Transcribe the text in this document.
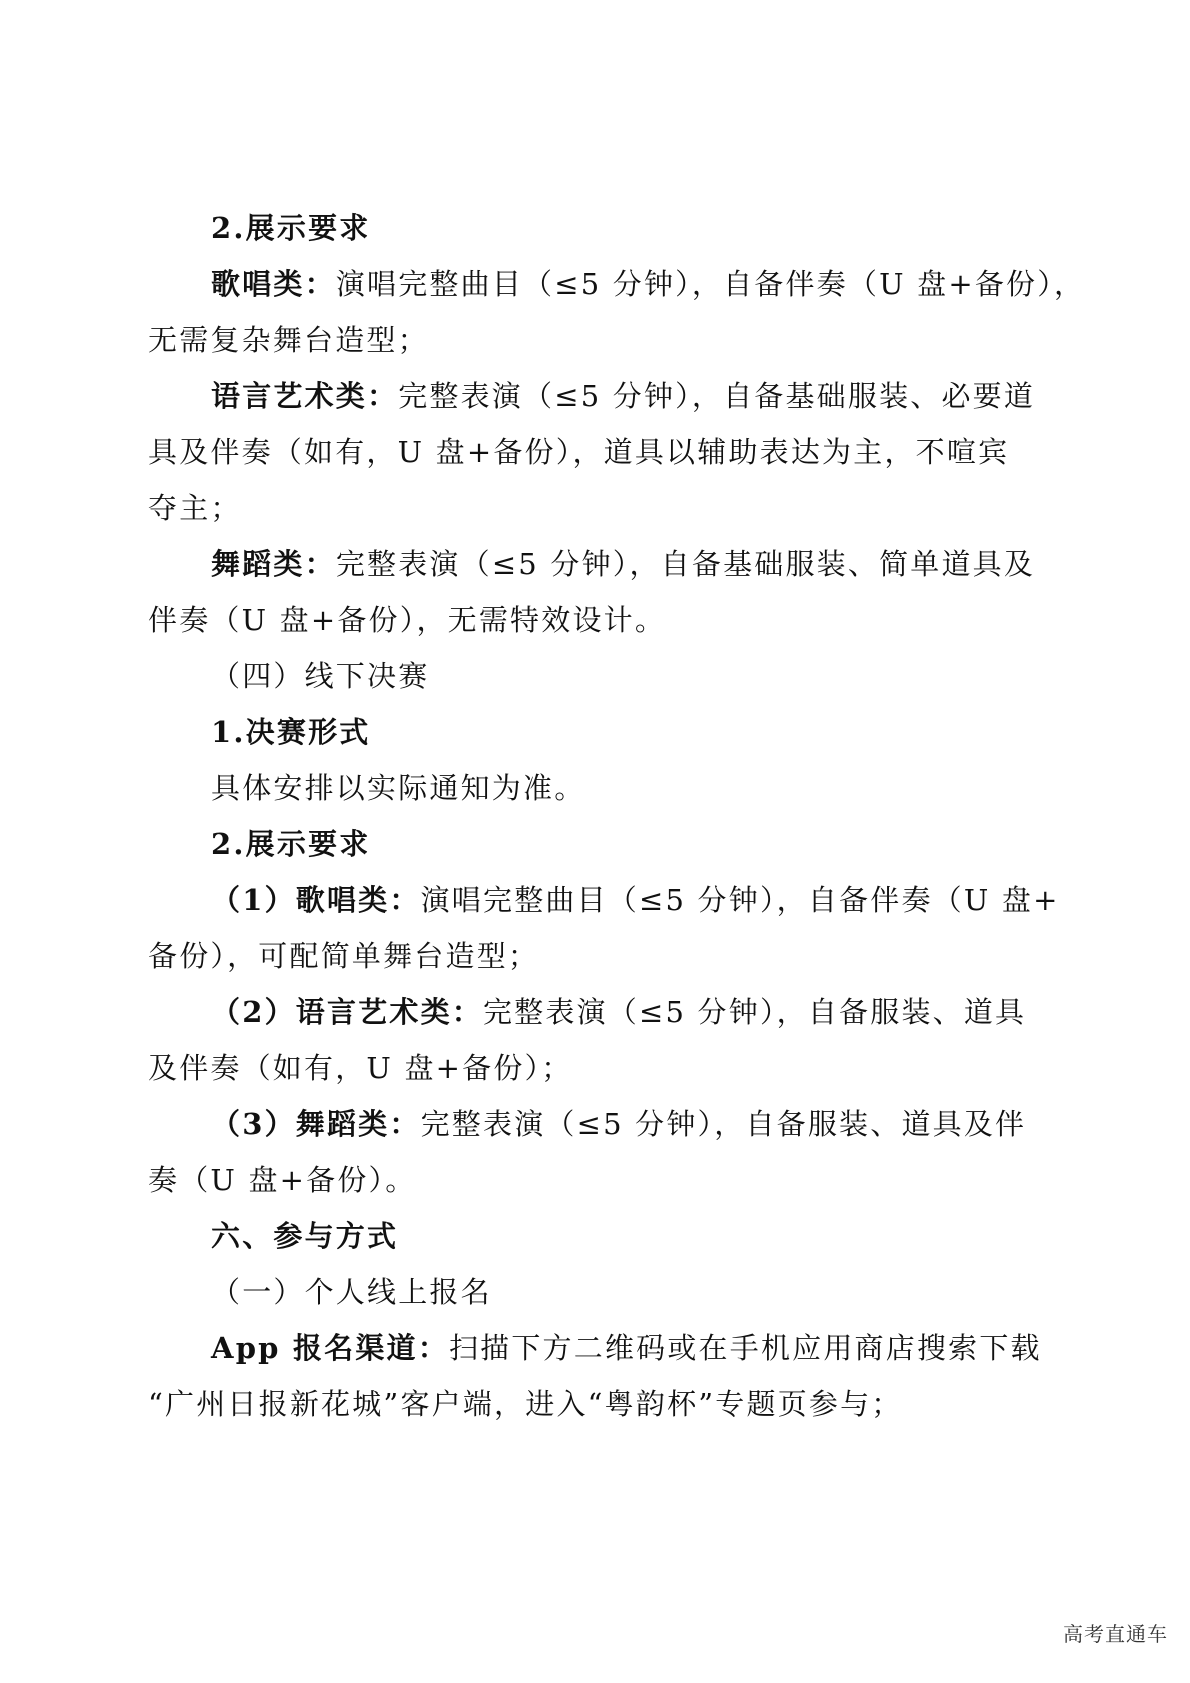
2.展示要求
歌唱类：演唱完整曲目（≤5 分钟），自备伴奏（U 盘+备份），
无需复杂舞台造型；
语言艺术类：完整表演（≤5 分钟），自备基础服装、必要道
具及伴奏（如有，U 盘+备份），道具以辅助表达为主，不喧宾
夺主；
舞蹈类：完整表演（≤5 分钟），自备基础服装、简单道具及
伴奏（U 盘+备份），无需特效设计。
（四）线下决赛
1.决赛形式
具体安排以实际通知为准。
2.展示要求
（1）歌唱类：演唱完整曲目（≤5 分钟），自备伴奏（U 盘+
备份），可配简单舞台造型；
（2）语言艺术类：完整表演（≤5 分钟），自备服装、道具
及伴奏（如有，U 盘+备份）；
（3）舞蹈类：完整表演（≤5 分钟），自备服装、道具及伴
奏（U 盘+备份）。
六、参与方式
（一）个人线上报名
App 报名渠道：扫描下方二维码或在手机应用商店搜索下载
“广州日报新花城”客户端，进入“粤韵杯”专题页参与；
高考直通车
